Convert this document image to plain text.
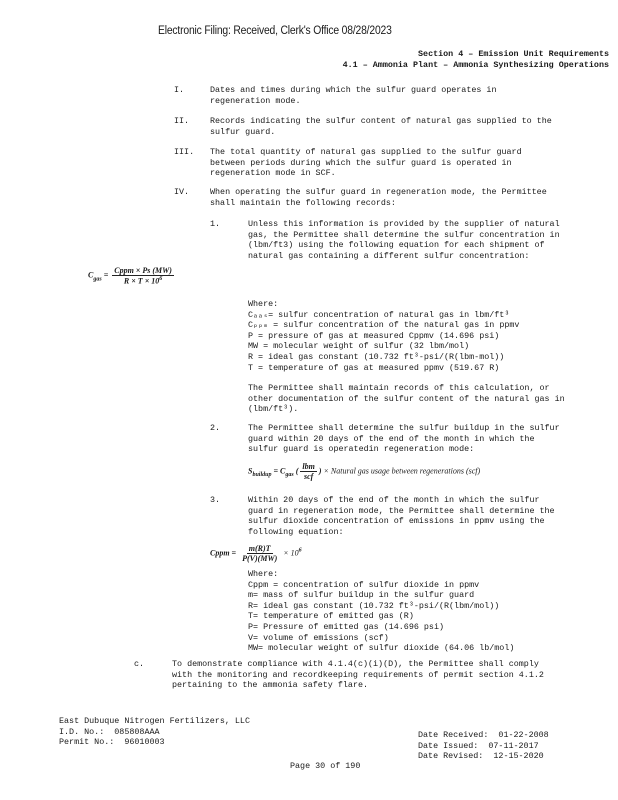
Electronic Filing: Received, Clerk's Office 08/28/2023
Section 4 – Emission Unit Requirements
4.1 – Ammonia Plant – Ammonia Synthesizing Operations
I.	Dates and times during which the sulfur guard operates in
regeneration mode.
II. Records indicating the sulfur content of natural gas supplied to the
sulfur guard.
III. The total quantity of natural gas supplied to the sulfur guard
between periods during which the sulfur guard is operated in
regeneration mode in SCF.
IV. When operating the sulfur guard in regeneration mode, the Permittee
shall maintain the following records:
1.	Unless this information is provided by the supplier of natural
gas, the Permittee shall determine the sulfur concentration in
(lbm/ft3) using the following equation for each shipment of
natural gas containing a different sulfur concentration:
$C_{gas} = \frac{\text{Cppm × Ps (MW)}}{R \times T \times 10^6}$
Where:
Cₐₐₛ= sulfur concentration of natural gas in lbm/ft³
Cₚₚₘ = sulfur concentration of the natural gas in ppmv
P = pressure of gas at measured Cppmv (14.696 psi)
MW = molecular weight of sulfur (32 lbm/mol)
R = ideal gas constant (10.732 ft³-psi/(R(lbm-mol))
T = temperature of gas at measured ppmv (519.67 R)
The Permittee shall maintain records of this calculation, or
other documentation of the sulfur content of the natural gas in
(lbm/ft³).
2.	The Permittee shall determine the sulfur buildup in the sulfur
guard within 20 days of the end of the month in which the
sulfur guard is operatedin regeneration mode:
$S_{buildup} = C_{gas}$ ( $\frac{\text{lbm}}{\text{scf}}$ ) × Natural gas usage between regenerations (scf)
3.	Within 20 days of the end of the month in which the sulfur
guard in regeneration mode, the Permittee shall determine the
sulfur dioxide concentration of emissions in ppmv using the
following equation:
Cppm = $\frac{m(R)T}{P(V)(MW)} \times 10^6$
Where:
Cppm = concentration of sulfur dioxide in ppmv
m= mass of sulfur buildup in the sulfur guard
R= ideal gas constant (10.732 ft³-psi/(R(lbm/mol))
T= temperature of emitted gas (R)
P= Pressure of emitted gas (14.696 psi)
V= volume of emissions (scf)
MW= molecular weight of sulfur dioxide (64.06 lb/mol)
c.	To demonstrate compliance with 4.1.4(c)(i)(D), the Permittee shall comply
with the monitoring and recordkeeping requirements of permit section 4.1.2
pertaining to the ammonia safety flare.
East Dubuque Nitrogen Fertilizers, LLC
I.D. No.:  085808AAA
Permit No.:  96010003
Date Received:  01-22-2008
Date Issued:  07-11-2017
Date Revised:  12-15-2020
Page 30 of 190
